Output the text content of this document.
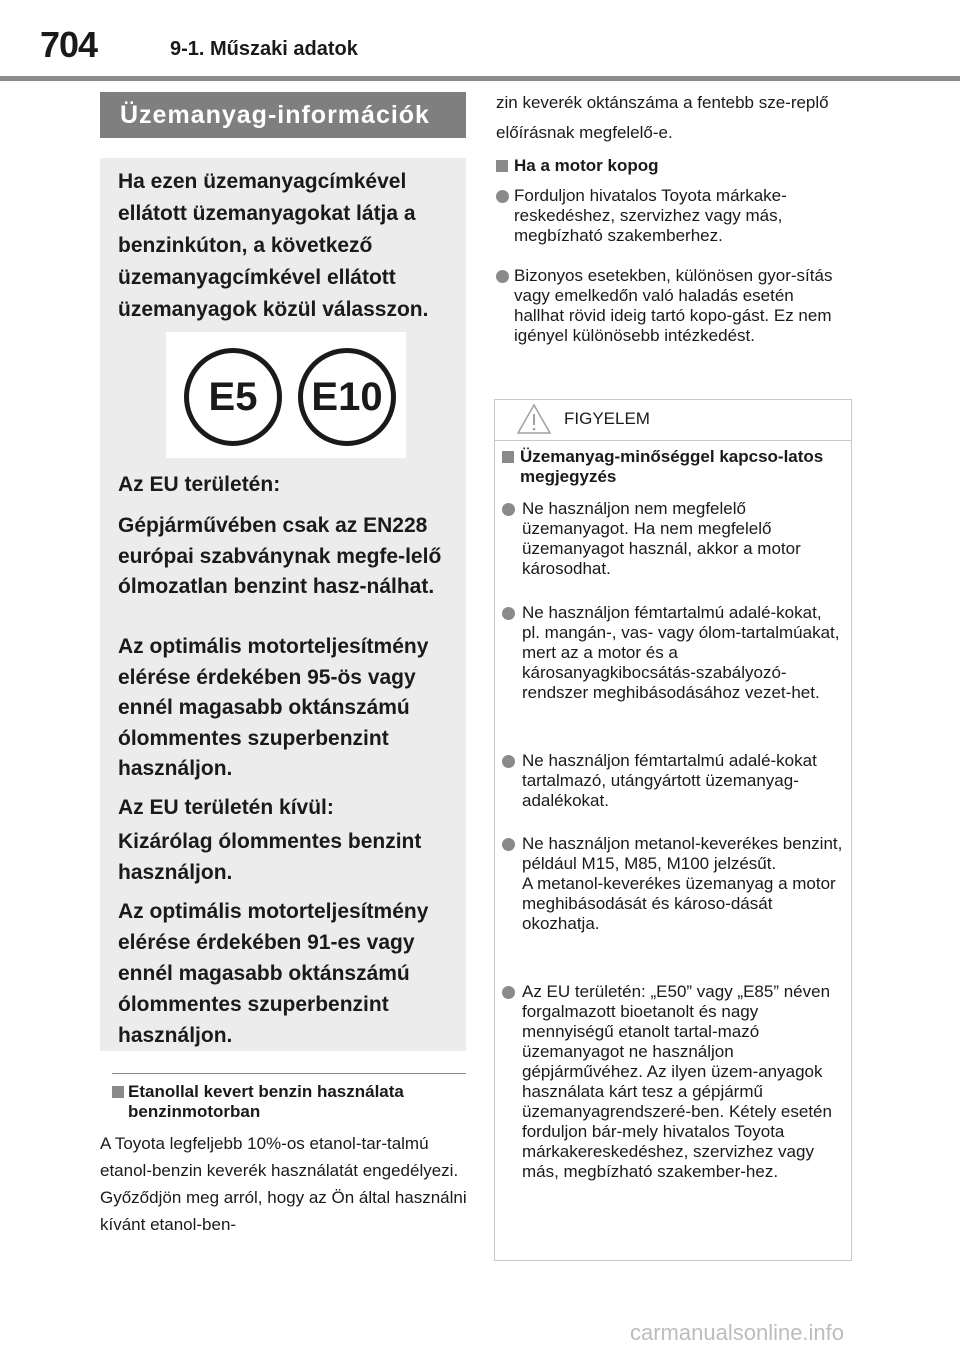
704	9-1. Műszaki adatok
Üzemanyag-információk
Ha ezen üzemanyagcímkével ellátott üzemanyagokat látja a benzinkúton, a következő üzemanyagcímkével ellátott üzemanyagok közül válasszon.
E5	E10
Az EU területén:
Gépjárművében csak az EN228 európai szabványnak megfe-lelő ólmozatlan benzint hasz-nálhat.
Az optimális motorteljesítmény elérése érdekében 95-ös vagy ennél magasabb oktánszámú ólommentes szuperbenzint használjon.
Az EU területén kívül:
Kizárólag ólommentes benzint használjon.
Az optimális motorteljesítmény elérése érdekében 91-es vagy ennél magasabb oktánszámú ólommentes szuperbenzint használjon.
Etanollal kevert benzin használata benzinmotorban
A Toyota legfeljebb 10%-os etanol-tar-talmú etanol-benzin keverék használatát engedélyezi. Győződjön meg arról, hogy az Ön által használni kívánt etanol-ben-
zin keverék oktánszáma a fentebb sze-replő előírásnak megfelelő-e.
Ha a motor kopog
Forduljon hivatalos Toyota márkake-reskedéshez, szervizhez vagy más, megbízható szakemberhez.
Bizonyos esetekben, különösen gyor-sítás vagy emelkedőn való haladás esetén hallhat rövid ideig tartó kopo-gást. Ez nem igényel különösebb intézkedést.
FIGYELEM
Üzemanyag-minőséggel kapcso-latos megjegyzés
Ne használjon nem megfelelő üzemanyagot. Ha nem megfelelő üzemanyagot használ, akkor a motor károsodhat.
Ne használjon fémtartalmú adalé-kokat, pl. mangán-, vas- vagy ólom-tartalmúakat, mert az a motor és a károsanyagkibocsátás-szabályozó-rendszer meghibásodásához vezet-het.
Ne használjon fémtartalmú adalé-kokat tartalmazó, utángyártott üzemanyag-adalékokat.
Ne használjon metanol-keverékes benzint, például M15, M85, M100 jelzésűt.
A metanol-keverékes üzemanyag a motor meghibásodását és károso-dását okozhatja.
Az EU területén: „E50” vagy „E85” néven forgalmazott bioetanolt és nagy mennyiségű etanolt tartal-mazó üzemanyagot ne használjon gépjárművéhez. Az ilyen üzem-anyagok használata kárt tesz a gépjármű üzemanyagrendszeré-ben. Kétely esetén forduljon bár-mely hivatalos Toyota márkakereskedéshez, szervizhez vagy más, megbízható szakember-hez.
carmanualsonline.info
